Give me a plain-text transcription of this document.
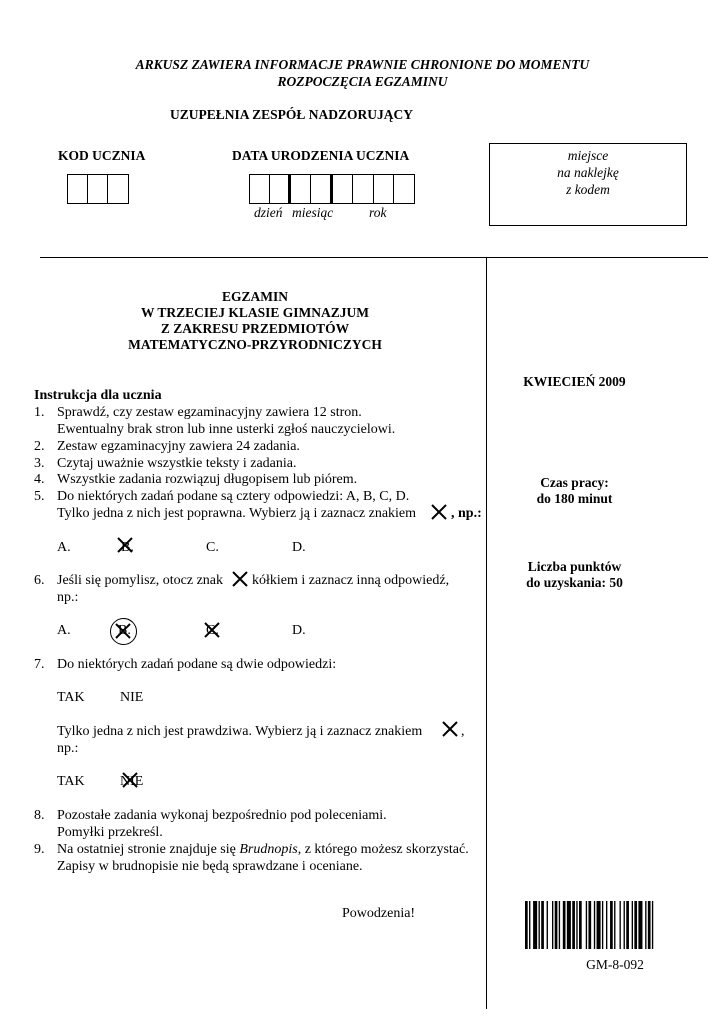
ARKUSZ ZAWIERA INFORMACJE PRAWNIE CHRONIONE DO MOMENTU
ROZPOCZĘCIA EGZAMINU
UZUPEŁNIA ZESPÓŁ NADZORUJĄCY
KOD UCZNIA	DATA URODZENIA UCZNIA
dzień miesiąc	rok
miejsce
na naklejkę
z kodem
EGZAMIN
W TRZECIEJ KLASIE GIMNAZJUM
Z ZAKRESU PRZEDMIOTÓW
MATEMATYCZNO-PRZYRODNICZYCH
KWIECIEŃ 2009
Czas pracy:
do 180 minut
Liczba punktów
do uzyskania: 50
Instrukcja dla ucznia
1. Sprawdź, czy zestaw egzaminacyjny zawiera 12 stron.
Ewentualny brak stron lub inne usterki zgłoś nauczycielowi.
2. Zestaw egzaminacyjny zawiera 24 zadania.
3. Czytaj uważnie wszystkie teksty i zadania.
4. Wszystkie zadania rozwiązuj długopisem lub piórem.
5. Do niektórych zadań podane są cztery odpowiedzi: A, B, C, D.
Tylko jedna z nich jest poprawna. Wybierz ją i zaznacz znakiem , np.:
A.	B.	C.	D.
6. Jeśli się pomylisz, otocz znak kółkiem i zaznacz inną odpowiedź,
np.:
A.	B.	C.	D.
7. Do niektórych zadań podane są dwie odpowiedzi:
TAK	NIE
Tylko jedna z nich jest prawdziwa. Wybierz ją i zaznacz znakiem	,
np.:
TAK	NIE
8. Pozostałe zadania wykonaj bezpośrednio pod poleceniami.
Pomyłki przekreśl.
9. Na ostatniej stronie znajduje się Brudnopis, z którego możesz skorzystać.
Zapisy w brudnopisie nie będą sprawdzane i oceniane.
Powodzenia!
GM-8-092
